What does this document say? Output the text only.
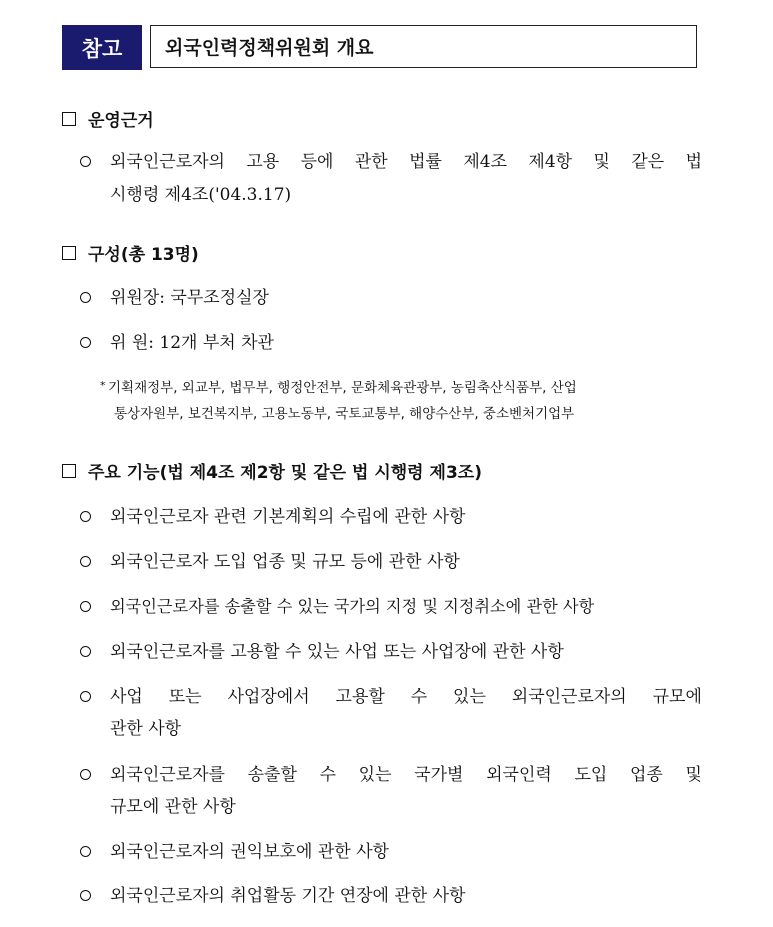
참고	외국인력정책위원회 개요
운영근거
외국인근로자의 고용 등에 관한 법률 제4조 제4항 및 같은 법
시행령 제4조('04.3.17)
구성(총 13명)
위원장: 국무조정실장
위 원: 12개 부처 차관
* 기획재정부, 외교부, 법무부, 행정안전부, 문화체육관광부, 농림축산식품부, 산업
통상자원부, 보건복지부, 고용노동부, 국토교통부, 해양수산부, 중소벤처기업부
주요 기능(법 제4조 제2항 및 같은 법 시행령 제3조)
외국인근로자 관련 기본계획의 수립에 관한 사항
외국인근로자 도입 업종 및 규모 등에 관한 사항
외국인근로자를 송출할 수 있는 국가의 지정 및 지정취소에 관한 사항
외국인근로자를 고용할 수 있는 사업 또는 사업장에 관한 사항
사업 또는 사업장에서 고용할 수 있는 외국인근로자의 규모에
관한 사항
외국인근로자를 송출할 수 있는 국가별 외국인력 도입 업종 및
규모에 관한 사항
외국인근로자의 권익보호에 관한 사항
외국인근로자의 취업활동 기간 연장에 관한 사항
